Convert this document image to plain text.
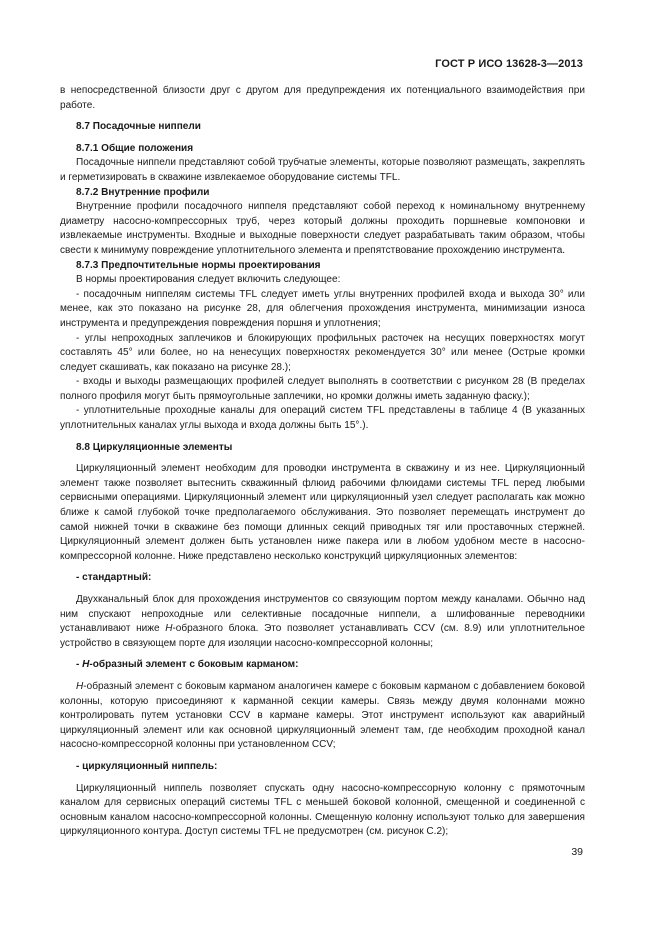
ГОСТ Р ИСО 13628-3—2013

в непосредственной близости друг с другом для предупреждения их потенциального взаимодействия при работе.

8.7 Посадочные ниппели

8.7.1 Общие положения

Посадочные ниппели представляют собой трубчатые элементы, которые позволяют размещать, закреплять и герметизировать в скважине извлекаемое оборудование системы TFL.

8.7.2 Внутренние профили

Внутренние профили посадочного ниппеля представляют собой переход к номинальному внутреннему диаметру насосно-компрессорных труб, через который должны проходить поршневые компоновки и извлекаемые инструменты. Входные и выходные поверхности следует разрабатывать таким образом, чтобы свести к минимуму повреждение уплотнительного элемента и препятствование прохождению инструмента.

8.7.3 Предпочтительные нормы проектирования

В нормы проектирования следует включить следующее:

- посадочным ниппелям системы TFL следует иметь углы внутренних профилей входа и выхода 30° или менее, как это показано на рисунке 28, для облегчения прохождения инструмента, минимизации износа инструмента и предупреждения повреждения поршня и уплотнения;

- углы непроходных заплечиков и блокирующих профильных расточек на несущих поверхностях могут составлять 45° или более, но на ненесущих поверхностях рекомендуется 30° или менее (Острые кромки следует скашивать, как показано на рисунке 28.);

- входы и выходы размещающих профилей следует выполнять в соответствии с рисунком 28 (В пределах полного профиля могут быть прямоугольные заплечики, но кромки должны иметь заданную фаску.);

- уплотнительные проходные каналы для операций систем TFL представлены в таблице 4 (В указанных уплотнительных каналах углы выхода и входа должны быть 15°.).

8.8 Циркуляционные элементы

Циркуляционный элемент необходим для проводки инструмента в скважину и из нее. Циркуляционный элемент также позволяет вытеснить скважинный флюид рабочими флюидами системы TFL перед любыми сервисными операциями. Циркуляционный элемент или циркуляционный узел следует располагать как можно ближе к самой глубокой точке предполагаемого обслуживания. Это позволяет перемещать инструмент до самой нижней точки в скважине без помощи длинных секций приводных тяг или проставочных стержней. Циркуляционный элемент должен быть установлен ниже пакера или в любом удобном месте в насосно-компрессорной колонне. Ниже представлено несколько конструкций циркуляционных элементов:

- стандартный:

Двухканальный блок для прохождения инструментов со связующим портом между каналами. Обычно над ним спускают непроходные или селективные посадочные ниппели, а шлифованные переводники устанавливают ниже Н-образного блока. Это позволяет устанавливать CCV (см. 8.9) или уплотнительное устройство в связующем порте для изоляции насосно-компрессорной колонны;

- Н-образный элемент с боковым карманом:

Н-образный элемент с боковым карманом аналогичен камере с боковым карманом с добавлением боковой колонны, которую присоединяют к карманной секции камеры. Связь между двумя колоннами можно контролировать путем установки CCV в кармане камеры. Этот инструмент используют как аварийный циркуляционный элемент или как основной циркуляционный элемент там, где необходим проходной канал насосно-компрессорной колонны при установленном CCV;

- циркуляционный ниппель:

Циркуляционный ниппель позволяет спускать одну насосно-компрессорную колонну с прямоточным каналом для сервисных операций системы TFL с меньшей боковой колонной, смещенной и соединенной с основным каналом насосно-компрессорной колонны. Смещенную колонну используют только для завершения циркуляционного контура. Доступ системы TFL не предусмотрен (см. рисунок С.2);

39
